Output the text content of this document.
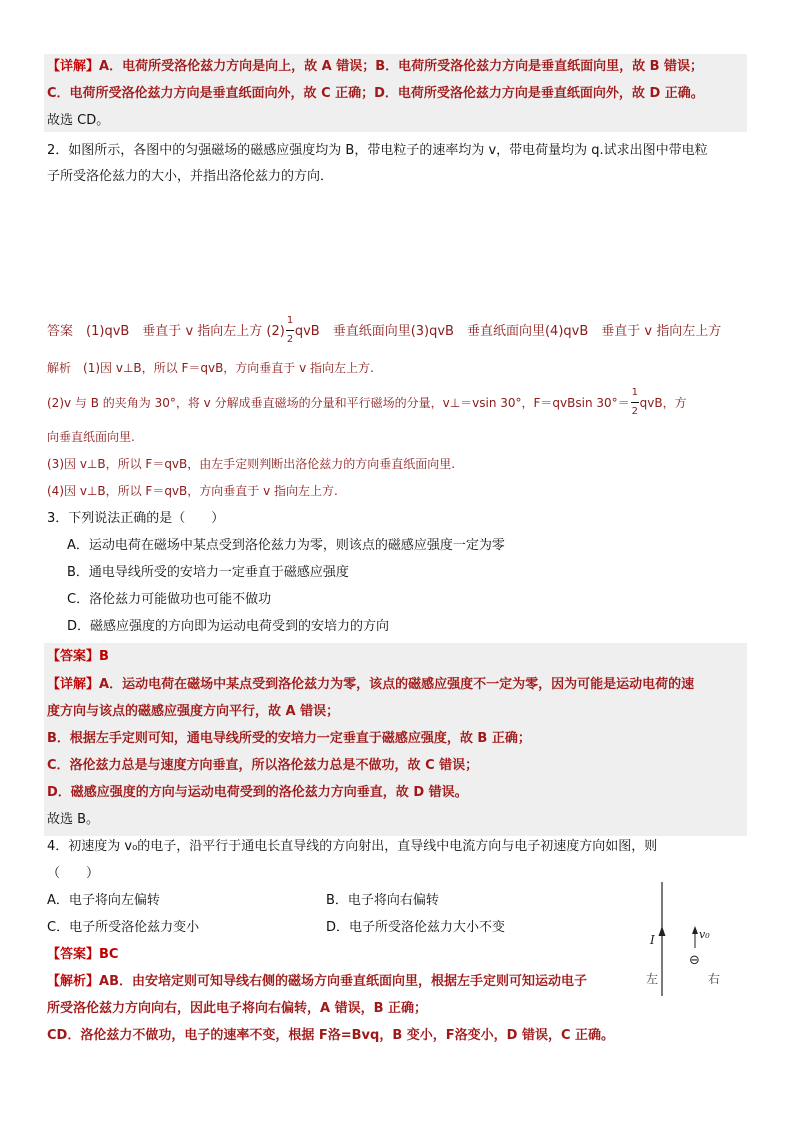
【详解】A．电荷所受洛伦兹力方向是向上，故 A 错误；B．电荷所受洛伦兹力方向是垂直纸面向里，故 B 错误；
C．电荷所受洛伦兹力方向是垂直纸面向外，故 C 正确；D．电荷所受洛伦兹力方向是垂直纸面向外，故 D 正确。
故选 CD。
2．如图所示，各图中的匀强磁场的磁感应强度均为 B，带电粒子的速率均为 v，带电荷量均为 q.试求出图中带电粒
子所受洛伦兹力的大小，并指出洛伦兹力的方向．
答案　 (1)qvB　垂直于 v 指向左上方 $(2) \frac{1}{2}$ qvB　垂直纸面向里(3)qvB　垂直纸面向里(4)qvB　垂直于 v 指向左上方
解析　 (1)因 v⊥B，所以 F＝qvB，方向垂直于 v 指向左上方.
(2)v 与 B 的夹角为 30°，将 v 分解成垂直磁场的分量和平行磁场的分量，v⊥＝vsin 30°，F＝qvBsin $30^\circ= \frac{1}{2}$ qvB，方
向垂直纸面向里.
(3)因 v⊥B，所以 F＝qvB，由左手定则判断出洛伦兹力的方向垂直纸面向里.
(4)因 v⊥B，所以 F＝qvB，方向垂直于 v 指向左上方.
3．下列说法正确的是（　　）
A．运动电荷在磁场中某点受到洛伦兹力为零，则该点的磁感应强度一定为零
B．通电导线所受的安培力一定垂直于磁感应强度
C．洛伦兹力可能做功也可能不做功
D．磁感应强度的方向即为运动电荷受到的安培力的方向
【答案】B
【详解】A．运动电荷在磁场中某点受到洛伦兹力为零，该点的磁感应强度不一定为零，因为可能是运动电荷的速
度方向与该点的磁感应强度方向平行，故 A 错误；
B．根据左手定则可知，通电导线所受的安培力一定垂直于磁感应强度，故 B 正确；
C．洛伦兹力总是与速度方向垂直，所以洛伦兹力总是不做功，故 C 错误；
D．磁感应强度的方向与运动电荷受到的洛伦兹力方向垂直，故 D 错误。
故选 B。
4．初速度为 v₀的电子，沿平行于通电长直导线的方向射出，直导线中电流方向与电子初速度方向如图，则
（　　）
A．电子将向左偏转	B．电子将向右偏转
C．电子所受洛伦兹力变小	D．电子所受洛伦兹力大小不变
【答案】BC
【解析】AB．由安培定则可知导线右侧的磁场方向垂直纸面向里，根据左手定则可知运动电子
所受洛伦兹力方向向右，因此电子将向右偏转，A 错误，B 正确；
CD．洛伦兹力不做功，电子的速率不变，根据 F洛=Bvq，B 变小，F洛变小，D 错误，C 正确。
I	v₀
⊖
左	右
